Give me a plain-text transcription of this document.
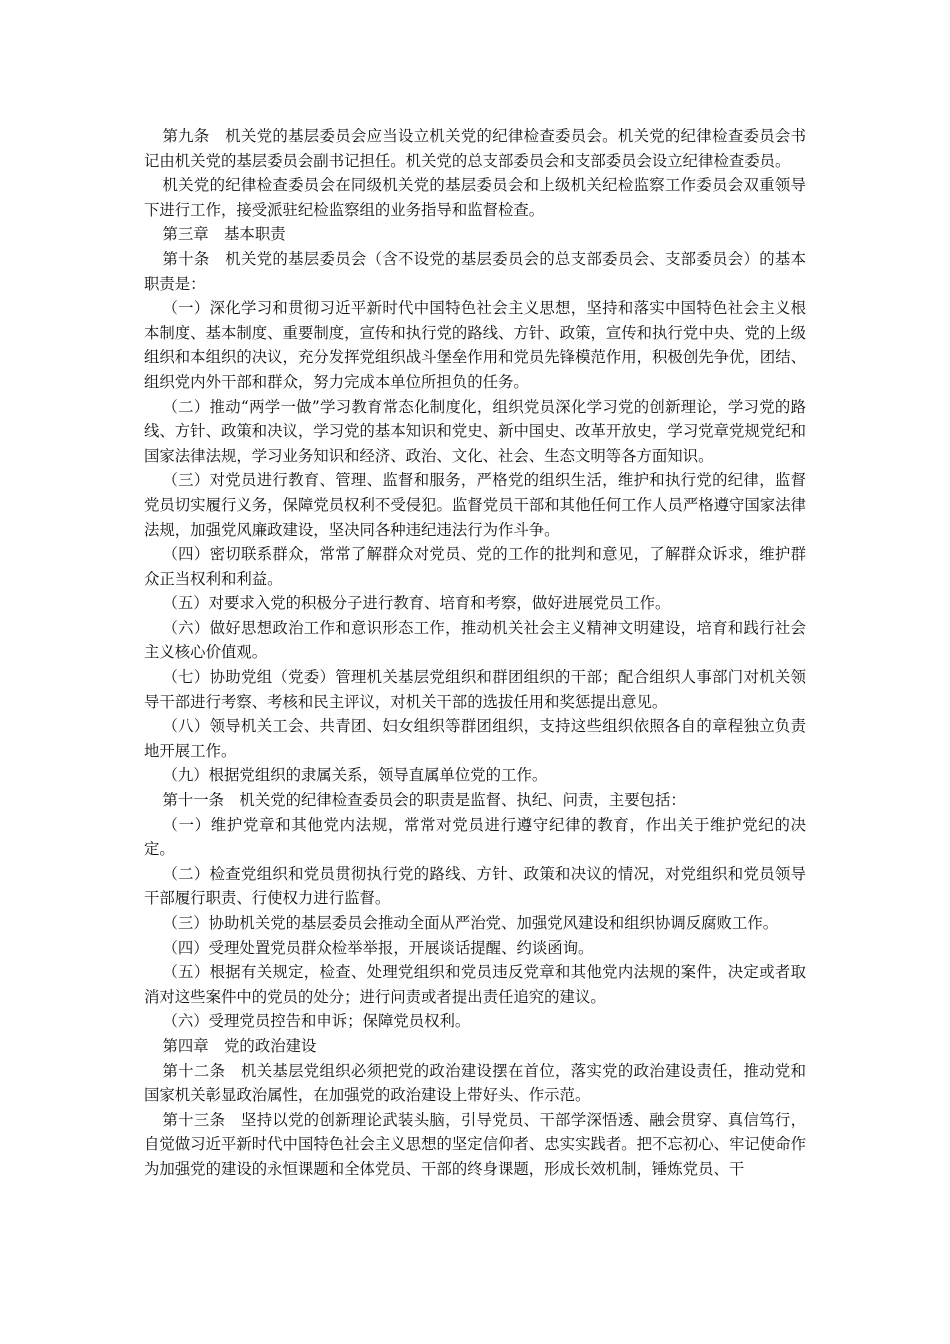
第九条　机关党的基层委员会应当设立机关党的纪律检查委员会。机关党的纪律检查委员会书记由机关党的基层委员会副书记担任。机关党的总支部委员会和支部委员会设立纪律检查委员。

机关党的纪律检查委员会在同级机关党的基层委员会和上级机关纪检监察工作委员会双重领导下进行工作，接受派驻纪检监察组的业务指导和监督检查。

第三章　基本职责

第十条　机关党的基层委员会（含不设党的基层委员会的总支部委员会、支部委员会）的基本职责是：

（一）深化学习和贯彻习近平新时代中国特色社会主义思想，坚持和落实中国特色社会主义根本制度、基本制度、重要制度，宣传和执行党的路线、方针、政策，宣传和执行党中央、党的上级组织和本组织的决议，充分发挥党组织战斗堡垒作用和党员先锋模范作用，积极创先争优，团结、组织党内外干部和群众，努力完成本单位所担负的任务。

（二）推动“两学一做”学习教育常态化制度化，组织党员深化学习党的创新理论，学习党的路线、方针、政策和决议，学习党的基本知识和党史、新中国史、改革开放史，学习党章党规党纪和国家法律法规，学习业务知识和经济、政治、文化、社会、生态文明等各方面知识。

（三）对党员进行教育、管理、监督和服务，严格党的组织生活，维护和执行党的纪律，监督党员切实履行义务，保障党员权利不受侵犯。监督党员干部和其他任何工作人员严格遵守国家法律法规，加强党风廉政建设，坚决同各种违纪违法行为作斗争。

（四）密切联系群众，常常了解群众对党员、党的工作的批判和意见，了解群众诉求，维护群众正当权利和利益。

（五）对要求入党的积极分子进行教育、培育和考察，做好进展党员工作。

（六）做好思想政治工作和意识形态工作，推动机关社会主义精神文明建设，培育和践行社会主义核心价值观。

（七）协助党组（党委）管理机关基层党组织和群团组织的干部；配合组织人事部门对机关领导干部进行考察、考核和民主评议，对机关干部的选拔任用和奖惩提出意见。

（八）领导机关工会、共青团、妇女组织等群团组织，支持这些组织依照各自的章程独立负责地开展工作。

（九）根据党组织的隶属关系，领导直属单位党的工作。

第十一条　机关党的纪律检查委员会的职责是监督、执纪、问责，主要包括：

（一）维护党章和其他党内法规，常常对党员进行遵守纪律的教育，作出关于维护党纪的决定。

（二）检查党组织和党员贯彻执行党的路线、方针、政策和决议的情况，对党组织和党员领导干部履行职责、行使权力进行监督。

（三）协助机关党的基层委员会推动全面从严治党、加强党风建设和组织协调反腐败工作。

（四）受理处置党员群众检举举报，开展谈话提醒、约谈函询。

（五）根据有关规定，检查、处理党组织和党员违反党章和其他党内法规的案件，决定或者取消对这些案件中的党员的处分；进行问责或者提出责任追究的建议。

（六）受理党员控告和申诉；保障党员权利。

第四章　党的政治建设

第十二条　机关基层党组织必须把党的政治建设摆在首位，落实党的政治建设责任，推动党和国家机关彰显政治属性，在加强党的政治建设上带好头、作示范。

第十三条　坚持以党的创新理论武装头脑，引导党员、干部学深悟透、融会贯穿、真信笃行，自觉做习近平新时代中国特色社会主义思想的坚定信仰者、忠实实践者。把不忘初心、牢记使命作为加强党的建设的永恒课题和全体党员、干部的终身课题，形成长效机制，锤炼党员、干
